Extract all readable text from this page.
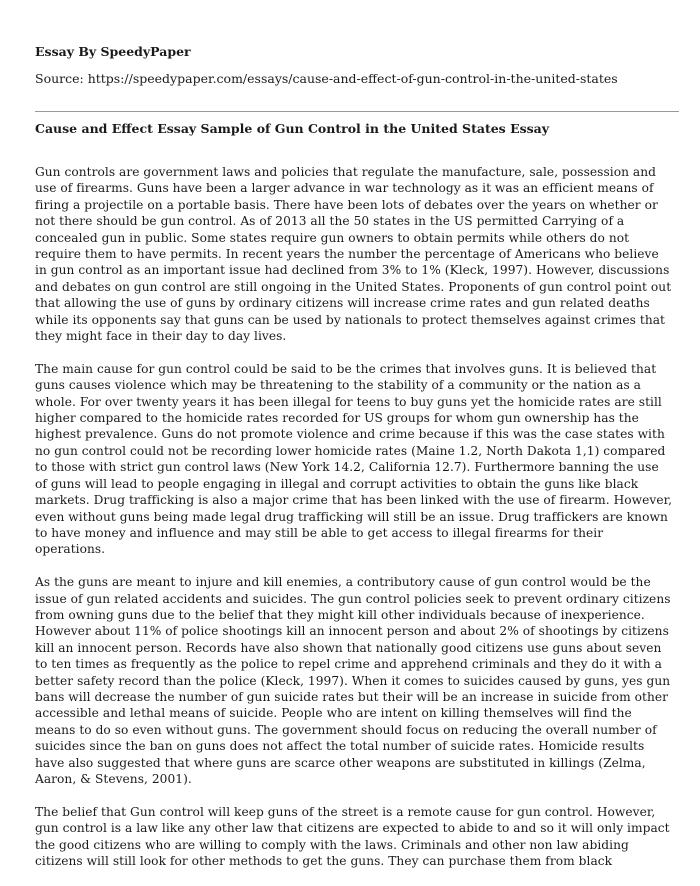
Essay By SpeedyPaper
Source: https://speedypaper.com/essays/cause-and-effect-of-gun-control-in-the-united-states
Cause and Effect Essay Sample of Gun Control in the United States Essay

Gun controls are government laws and policies that regulate the manufacture, sale, possession and use of firearms. Guns have been a larger advance in war technology as it was an efficient means of firing a projectile on a portable basis. There have been lots of debates over the years on whether or not there should be gun control. As of 2013 all the 50 states in the US permitted Carrying of a concealed gun in public. Some states require gun owners to obtain permits while others do not require them to have permits. In recent years the number the percentage of Americans who believe in gun control as an important issue had declined from 3% to 1% (Kleck, 1997). However, discussions and debates on gun control are still ongoing in the United States. Proponents of gun control point out that allowing the use of guns by ordinary citizens will increase crime rates and gun related deaths while its opponents say that guns can be used by nationals to protect themselves against crimes that they might face in their day to day lives.

The main cause for gun control could be said to be the crimes that involves guns. It is believed that guns causes violence which may be threatening to the stability of a community or the nation as a whole. For over twenty years it has been illegal for teens to buy guns yet the homicide rates are still higher compared to the homicide rates recorded for US groups for whom gun ownership has the highest prevalence. Guns do not promote violence and crime because if this was the case states with no gun control could not be recording lower homicide rates (Maine 1.2, North Dakota 1,1) compared to those with strict gun control laws (New York 14.2, California 12.7). Furthermore banning the use of guns will lead to people engaging in illegal and corrupt activities to obtain the guns like black markets. Drug trafficking is also a major crime that has been linked with the use of firearm. However, even without guns being made legal drug trafficking will still be an issue. Drug traffickers are known to have money and influence and may still be able to get access to illegal firearms for their operations.

As the guns are meant to injure and kill enemies, a contributory cause of gun control would be the issue of gun related accidents and suicides. The gun control policies seek to prevent ordinary citizens from owning guns due to the belief that they might kill other individuals because of inexperience. However about 11% of police shootings kill an innocent person and about 2% of shootings by citizens kill an innocent person. Records have also shown that nationally good citizens use guns about seven to ten times as frequently as the police to repel crime and apprehend criminals and they do it with a better safety record than the police (Kleck, 1997). When it comes to suicides caused by guns, yes gun bans will decrease the number of gun suicide rates but their will be an increase in suicide from other accessible and lethal means of suicide. People who are intent on killing themselves will find the means to do so even without guns. The government should focus on reducing the overall number of suicides since the ban on guns does not affect the total number of suicide rates. Homicide results have also suggested that where guns are scarce other weapons are substituted in killings (Zelma, Aaron, & Stevens, 2001).

The belief that Gun control will keep guns of the street is a remote cause for gun control. However, gun control is a law like any other law that citizens are expected to abide to and so it will only impact the good citizens who are willing to comply with the laws. Criminals and other non law abiding citizens will still look for other methods to get the guns. They can purchase them from black
